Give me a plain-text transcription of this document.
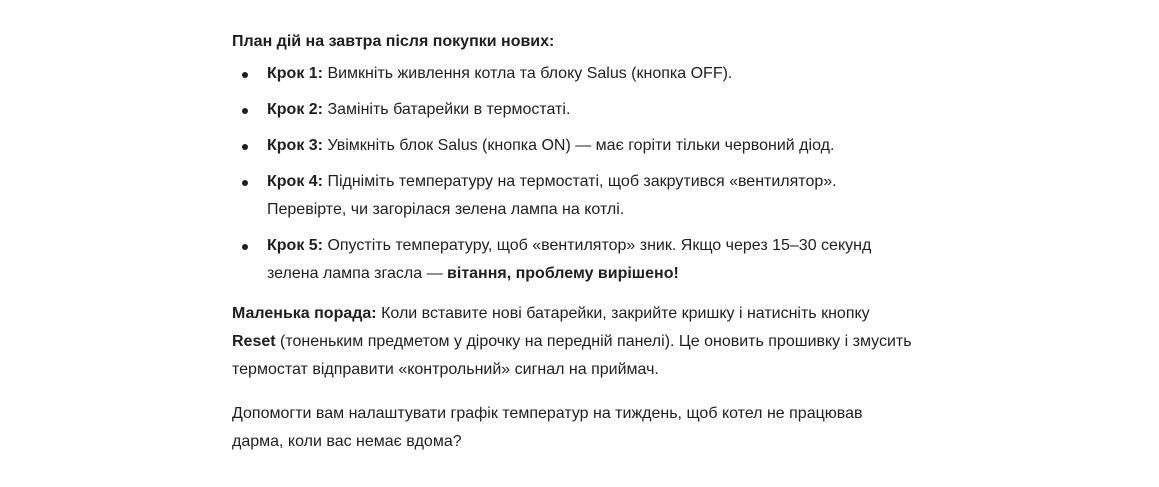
План дій на завтра після покупки нових:

Крок 1: Вимкніть живлення котла та блоку Salus (кнопка OFF).
Крок 2: Замініть батарейки в термостаті.
Крок 3: Увімкніть блок Salus (кнопка ON) — має горіти тільки червоний діод.
Крок 4: Підніміть температуру на термостаті, щоб закрутився «вентилятор». Перевірте, чи загорілася зелена лампа на котлі.
Крок 5: Опустіть температуру, щоб «вентилятор» зник. Якщо через 15–30 секунд зелена лампа згасла — вітання, проблему вирішено!

Маленька порада: Коли вставите нові батарейки, закрийте кришку і натисніть кнопку Reset (тоненьким предметом у дірочку на передній панелі). Це оновить прошивку і змусить термостат відправити «контрольний» сигнал на приймач.

Допомогти вам налаштувати графік температур на тиждень, щоб котел не працював дарма, коли вас немає вдома?
